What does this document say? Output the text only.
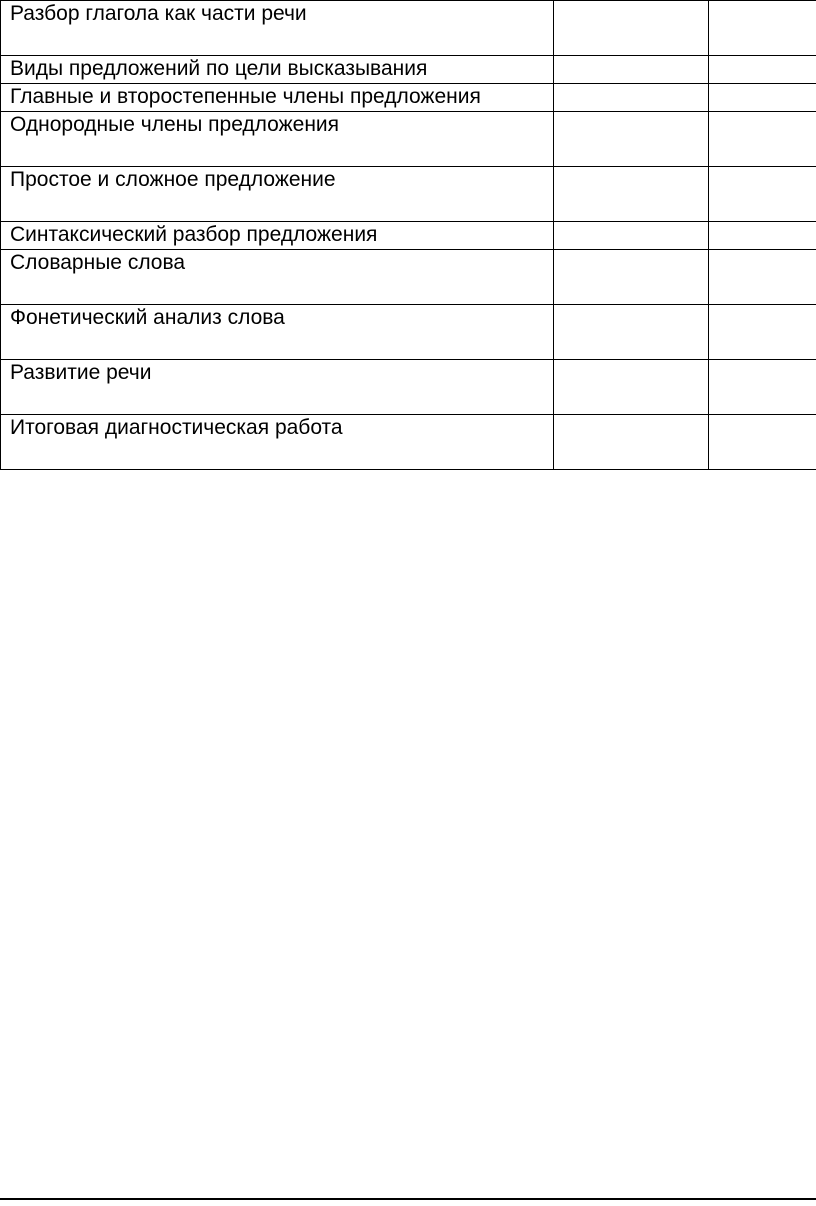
Разбор глагола как части речи		

Виды предложений по цели высказывания		

Главные и второстепенные члены предложения		

Однородные члены предложения		

Простое и сложное предложение		

Синтаксический разбор предложения		

Словарные слова		

Фонетический анализ слова		

Развитие речи		

Итоговая диагностическая работа		
